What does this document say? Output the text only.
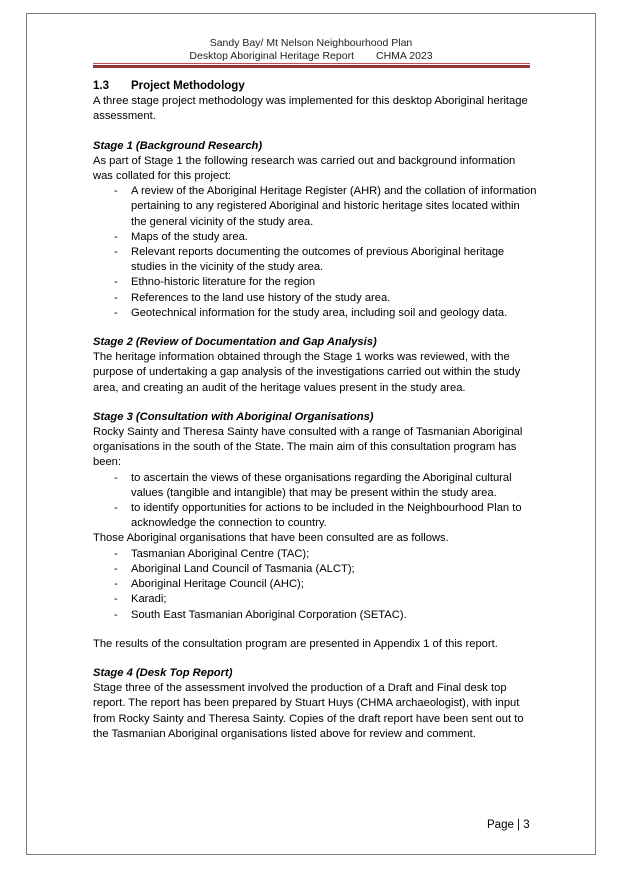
Sandy Bay/ Mt Nelson Neighbourhood Plan
Desktop Aboriginal Heritage Report CHMA 2023
1.3 Project Methodology

A three stage project methodology was implemented for this desktop Aboriginal heritage assessment.

Stage 1 (Background Research)

As part of Stage 1 the following research was carried out and background information was collated for this project:

- A review of the Aboriginal Heritage Register (AHR) and the collation of information pertaining to any registered Aboriginal and historic heritage sites located within the general vicinity of the study area.
- Maps of the study area.
- Relevant reports documenting the outcomes of previous Aboriginal heritage studies in the vicinity of the study area.
- Ethno-historic literature for the region
- References to the land use history of the study area.
- Geotechnical information for the study area, including soil and geology data.
Stage 2 (Review of Documentation and Gap Analysis)

The heritage information obtained through the Stage 1 works was reviewed, with the purpose of undertaking a gap analysis of the investigations carried out within the study area, and creating an audit of the heritage values present in the study area.

Stage 3 (Consultation with Aboriginal Organisations)

Rocky Sainty and Theresa Sainty have consulted with a range of Tasmanian Aboriginal organisations in the south of the State. The main aim of this consultation program has been:

- to ascertain the views of these organisations regarding the Aboriginal cultural values (tangible and intangible) that may be present within the study area.
- to identify opportunities for actions to be included in the Neighbourhood Plan to acknowledge the connection to country.

Those Aboriginal organisations that have been consulted are as follows.

- Tasmanian Aboriginal Centre (TAC);
- Aboriginal Land Council of Tasmania (ALCT);
- Aboriginal Heritage Council (AHC);
- Karadi;
- South East Tasmanian Aboriginal Corporation (SETAC).

The results of the consultation program are presented in Appendix 1 of this report.

Stage 4 (Desk Top Report)

Stage three of the assessment involved the production of a Draft and Final desk top report. The report has been prepared by Stuart Huys (CHMA archaeologist), with input from Rocky Sainty and Theresa Sainty. Copies of the draft report have been sent out to the Tasmanian Aboriginal organisations listed above for review and comment.

Page | 3
